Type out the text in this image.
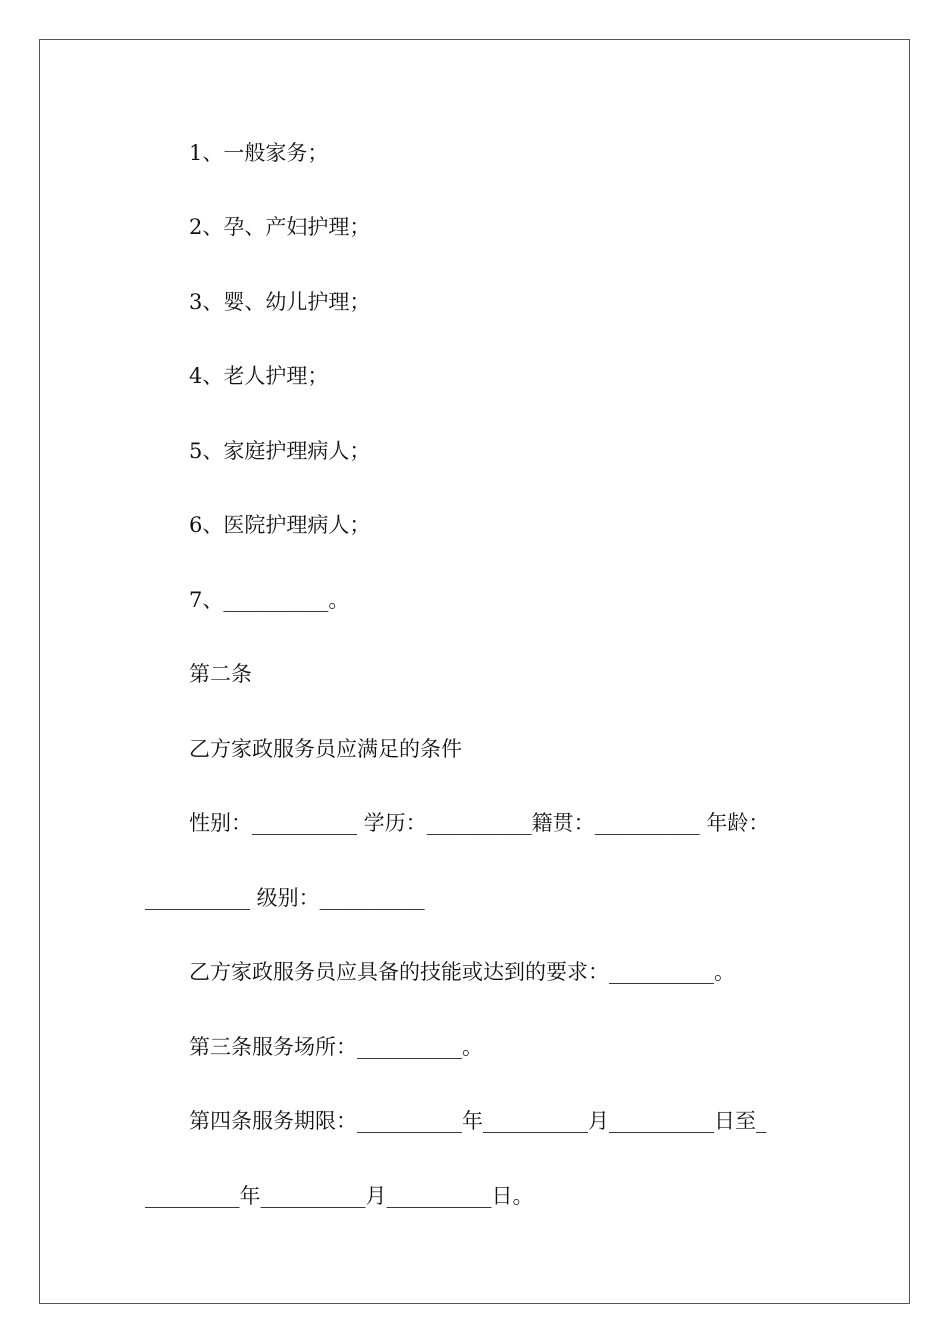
1、一般家务；
2、孕、产妇护理；
3、婴、幼儿护理；
4、老人护理；
5、家庭护理病人；
6、医院护理病人；
7、__________。
第二条
乙方家政服务员应满足的条件
性别：__________ 学历：__________籍贯：__________ 年龄：
__________ 级别：__________
乙方家政服务员应具备的技能或达到的要求：__________。
第三条服务场所：__________。
第四条服务期限：__________年__________月__________日至_
_________年__________月__________日。
